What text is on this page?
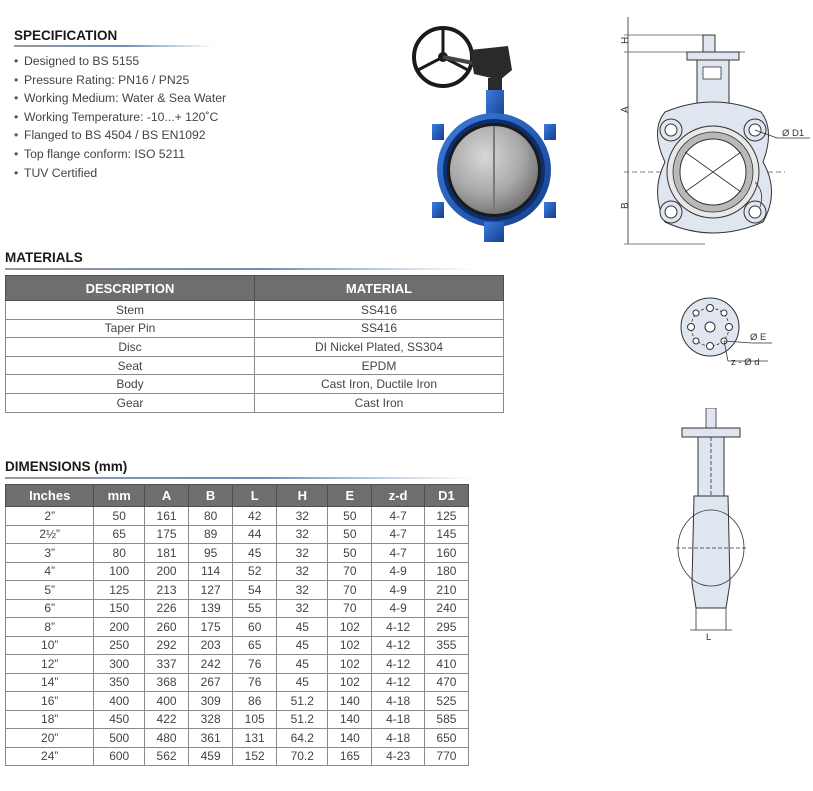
SPECIFICATION
• Designed to BS 5155
• Pressure Rating: PN16 / PN25
• Working Medium: Water & Sea Water
• Working Temperature: -10...+ 120˚C
• Flanged to BS 4504 / BS EN1092
• Top flange conform: ISO 5211
• TUV Certified
H
A
B
Ø D1
Ø E
z - Ø d
L
MATERIALS
DESCRIPTION	MATERIAL
Stem	SS416
Taper Pin	SS416
Disc	DI Nickel Plated, SS304
Seat	EPDM
Body	Cast Iron, Ductile Iron
Gear	Cast Iron
DIMENSIONS (mm)
Inches	mm	A	B	L	H	E	z-d	D1
2”	50	161	80	42	32	50	4-7	125
2½”	65	175	89	44	32	50	4-7	145
3”	80	181	95	45	32	50	4-7	160
4”	100	200	114	52	32	70	4-9	180
5”	125	213	127	54	32	70	4-9	210
6”	150	226	139	55	32	70	4-9	240
8”	200	260	175	60	45	102	4-12	295
10”	250	292	203	65	45	102	4-12	355
12”	300	337	242	76	45	102	4-12	410
14”	350	368	267	76	45	102	4-12	470
16”	400	400	309	86	51.2	140	4-18	525
18”	450	422	328	105	51.2	140	4-18	585
20”	500	480	361	131	64.2	140	4-18	650
24”	600	562	459	152	70.2	165	4-23	770
